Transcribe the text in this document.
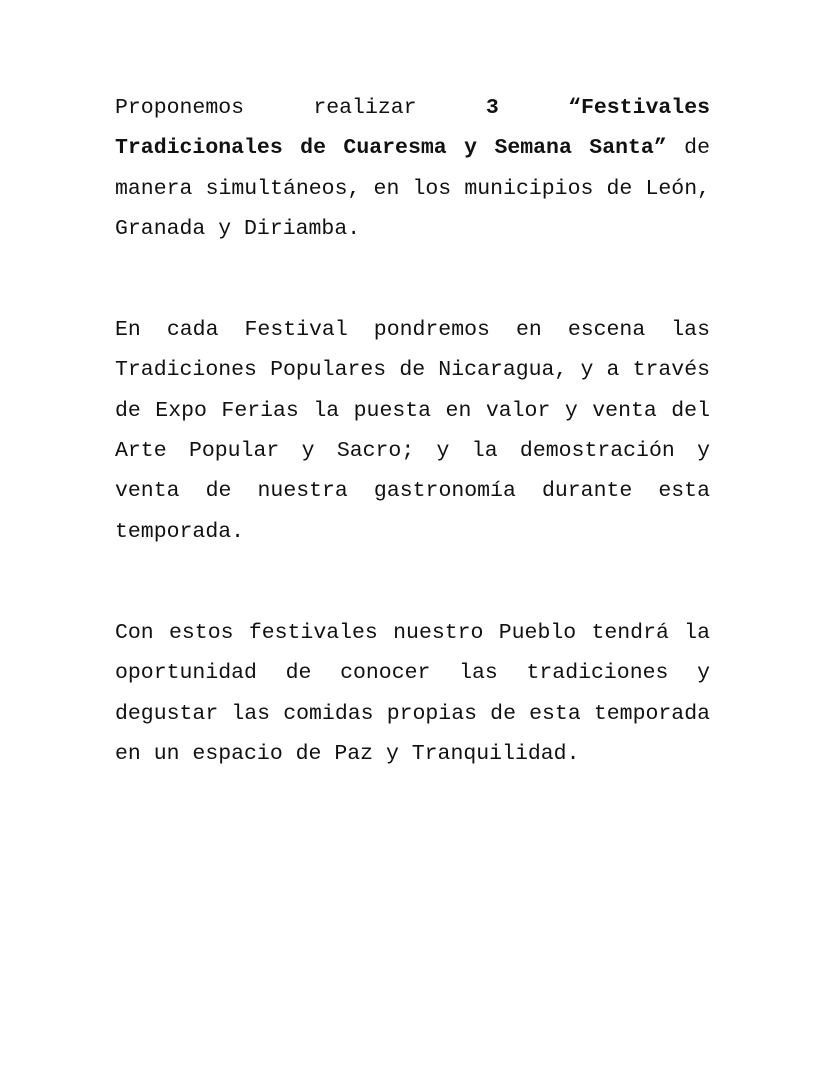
Proponemos realizar 3 “Festivales Tradicionales de Cuaresma y Semana Santa” de manera simultáneos, en los municipios de León, Granada y Diriamba.

En cada Festival pondremos en escena las Tradiciones Populares de Nicaragua, y a través de Expo Ferias la puesta en valor y venta del Arte Popular y Sacro; y la demostración y venta de nuestra gastronomía durante esta temporada.

Con estos festivales nuestro Pueblo tendrá la oportunidad de conocer las tradiciones y degustar las comidas propias de esta temporada en un espacio de Paz y Tranquilidad.
